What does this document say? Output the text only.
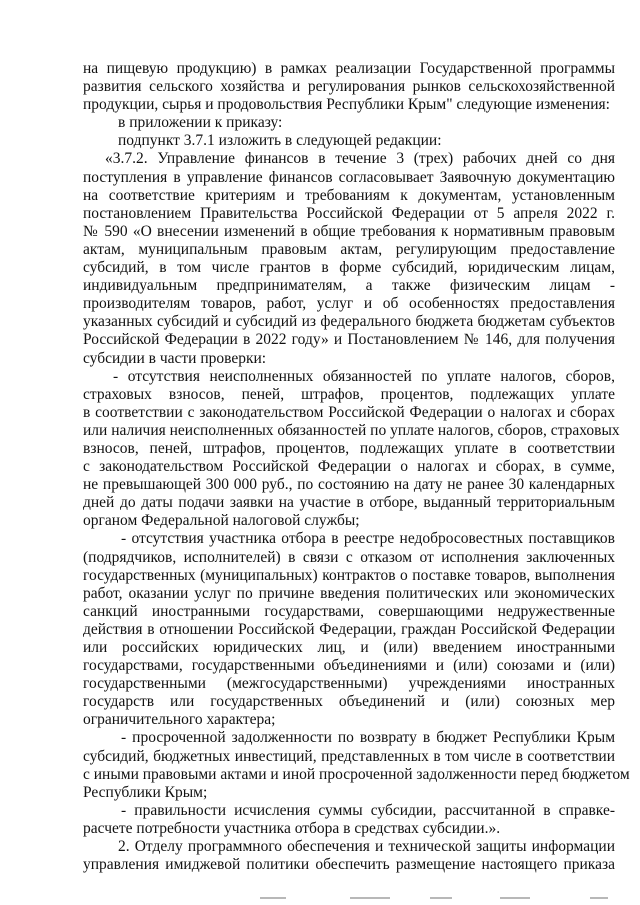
на пищевую продукцию) в рамках реализации Государственной программы
развития сельского хозяйства и регулирования рынков сельскохозяйственной
продукции, сырья и продовольствия Республики Крым" следующие изменения:
в приложении к приказу:
подпункт 3.7.1 изложить в следующей редакции:
«3.7.2. Управление финансов в течение 3 (трех) рабочих дней со дня
поступления в управление финансов согласовывает Заявочную документацию
на соответствие критериям и требованиям к документам, установленным
постановлением Правительства Российской Федерации от 5 апреля 2022 г.
№ 590 «О внесении изменений в общие требования к нормативным правовым
актам, муниципальным правовым актам, регулирующим предоставление
субсидий, в том числе грантов в форме субсидий, юридическим лицам,
индивидуальным предпринимателям, а также физическим лицам -
производителям товаров, работ, услуг и об особенностях предоставления
указанных субсидий и субсидий из федерального бюджета бюджетам субъектов
Российской Федерации в 2022 году» и Постановлением № 146, для получения
субсидии в части проверки:
- отсутствия неисполненных обязанностей по уплате налогов, сборов,
страховых взносов, пеней, штрафов, процентов, подлежащих уплате
в соответствии с законодательством Российской Федерации о налогах и сборах
или наличия неисполненных обязанностей по уплате налогов, сборов, страховых
взносов, пеней, штрафов, процентов, подлежащих уплате в соответствии
с законодательством Российской Федерации о налогах и сборах, в сумме,
не превышающей 300 000 руб., по состоянию на дату не ранее 30 календарных
дней до даты подачи заявки на участие в отборе, выданный территориальным
органом Федеральной налоговой службы;
- отсутствия участника отбора в реестре недобросовестных поставщиков
(подрядчиков, исполнителей) в связи с отказом от исполнения заключенных
государственных (муниципальных) контрактов о поставке товаров, выполнения
работ, оказании услуг по причине введения политических или экономических
санкций иностранными государствами, совершающими недружественные
действия в отношении Российской Федерации, граждан Российской Федерации
или российских юридических лиц, и (или) введением иностранными
государствами, государственными объединениями и (или) союзами и (или)
государственными (межгосударственными) учреждениями иностранных
государств или государственных объединений и (или) союзных мер
ограничительного характера;
- просроченной задолженности по возврату в бюджет Республики Крым
субсидий, бюджетных инвестиций, представленных в том числе в соответствии
с иными правовыми актами и иной просроченной задолженности перед бюджетом
Республики Крым;
- правильности исчисления суммы субсидии, рассчитанной в справке-
расчете потребности участника отбора в средствах субсидии.».
2. Отделу программного обеспечения и технической защиты информации
управления имиджевой политики обеспечить размещение настоящего приказа
